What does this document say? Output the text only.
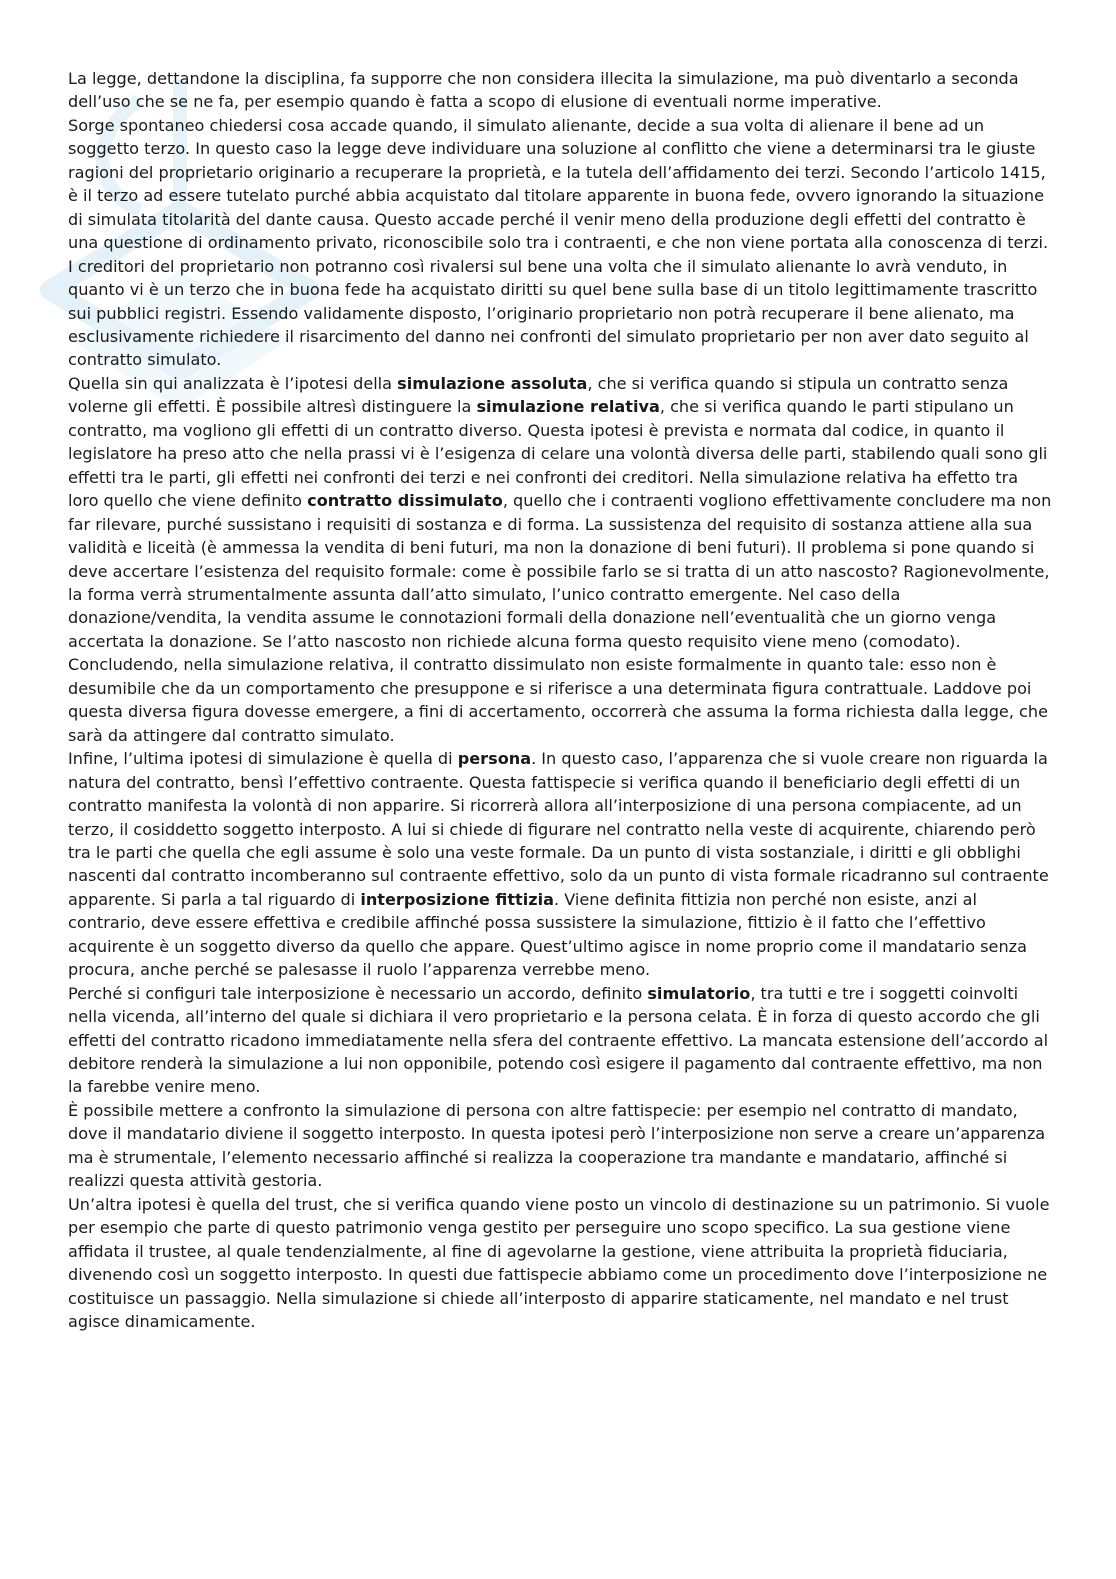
La legge, dettandone la disciplina, fa supporre che non considera illecita la simulazione, ma può diventarlo a seconda dell’uso che se ne fa, per esempio quando è fatta a scopo di elusione di eventuali norme imperative.

Sorge spontaneo chiedersi cosa accade quando, il simulato alienante, decide a sua volta di alienare il bene ad un soggetto terzo. In questo caso la legge deve individuare una soluzione al conflitto che viene a determinarsi tra le giuste ragioni del proprietario originario a recuperare la proprietà, e la tutela dell’affidamento dei terzi. Secondo l’articolo 1415, è il terzo ad essere tutelato purché abbia acquistato dal titolare apparente in buona fede, ovvero ignorando la situazione di simulata titolarità del dante causa. Questo accade perché il venir meno della produzione degli effetti del contratto è una questione di ordinamento privato, riconoscibile solo tra i contraenti, e che non viene portata alla conoscenza di terzi. I creditori del proprietario non potranno così rivalersi sul bene una volta che il simulato alienante lo avrà venduto, in quanto vi è un terzo che in buona fede ha acquistato diritti su quel bene sulla base di un titolo legittimamente trascritto sui pubblici registri. Essendo validamente disposto, l’originario proprietario non potrà recuperare il bene alienato, ma esclusivamente richiedere il risarcimento del danno nei confronti del simulato proprietario per non aver dato seguito al contratto simulato.

Quella sin qui analizzata è l’ipotesi della simulazione assoluta, che si verifica quando si stipula un contratto senza volerne gli effetti. È possibile altresì distinguere la simulazione relativa, che si verifica quando le parti stipulano un contratto, ma vogliono gli effetti di un contratto diverso. Questa ipotesi è prevista e normata dal codice, in quanto il legislatore ha preso atto che nella prassi vi è l’esigenza di celare una volontà diversa delle parti, stabilendo quali sono gli effetti tra le parti, gli effetti nei confronti dei terzi e nei confronti dei creditori. Nella simulazione relativa ha effetto tra loro quello che viene definito contratto dissimulato, quello che i contraenti vogliono effettivamente concludere ma non far rilevare, purché sussistano i requisiti di sostanza e di forma. La sussistenza del requisito di sostanza attiene alla sua validità e liceità (è ammessa la vendita di beni futuri, ma non la donazione di beni futuri). Il problema si pone quando si deve accertare l’esistenza del requisito formale: come è possibile farlo se si tratta di un atto nascosto? Ragionevolmente, la forma verrà strumentalmente assunta dall’atto simulato, l’unico contratto emergente. Nel caso della donazione/vendita, la vendita assume le connotazioni formali della donazione nell’eventualità che un giorno venga accertata la donazione. Se l’atto nascosto non richiede alcuna forma questo requisito viene meno (comodato).

Concludendo, nella simulazione relativa, il contratto dissimulato non esiste formalmente in quanto tale: esso non è desumibile che da un comportamento che presuppone e si riferisce a una determinata figura contrattuale. Laddove poi questa diversa figura dovesse emergere, a fini di accertamento, occorrerà che assuma la forma richiesta dalla legge, che sarà da attingere dal contratto simulato.

Infine, l’ultima ipotesi di simulazione è quella di persona. In questo caso, l’apparenza che si vuole creare non riguarda la natura del contratto, bensì l’effettivo contraente. Questa fattispecie si verifica quando il beneficiario degli effetti di un contratto manifesta la volontà di non apparire. Si ricorrerà allora all’interposizione di una persona compiacente, ad un terzo, il cosiddetto soggetto interposto. A lui si chiede di figurare nel contratto nella veste di acquirente, chiarendo però tra le parti che quella che egli assume è solo una veste formale. Da un punto di vista sostanziale, i diritti e gli obblighi nascenti dal contratto incomberanno sul contraente effettivo, solo da un punto di vista formale ricadranno sul contraente apparente. Si parla a tal riguardo di interposizione fittizia. Viene definita fittizia non perché non esiste, anzi al contrario, deve essere effettiva e credibile affinché possa sussistere la simulazione, fittizio è il fatto che l’effettivo acquirente è un soggetto diverso da quello che appare. Quest’ultimo agisce in nome proprio come il mandatario senza procura, anche perché se palesasse il ruolo l’apparenza verrebbe meno.

Perché si configuri tale interposizione è necessario un accordo, definito simulatorio, tra tutti e tre i soggetti coinvolti nella vicenda, all’interno del quale si dichiara il vero proprietario e la persona celata. È in forza di questo accordo che gli effetti del contratto ricadono immediatamente nella sfera del contraente effettivo. La mancata estensione dell’accordo al debitore renderà la simulazione a lui non opponibile, potendo così esigere il pagamento dal contraente effettivo, ma non la farebbe venire meno.

È possibile mettere a confronto la simulazione di persona con altre fattispecie: per esempio nel contratto di mandato, dove il mandatario diviene il soggetto interposto. In questa ipotesi però l’interposizione non serve a creare un’apparenza ma è strumentale, l’elemento necessario affinché si realizza la cooperazione tra mandante e mandatario, affinché si realizzi questa attività gestoria.

Un’altra ipotesi è quella del trust, che si verifica quando viene posto un vincolo di destinazione su un patrimonio. Si vuole per esempio che parte di questo patrimonio venga gestito per perseguire uno scopo specifico. La sua gestione viene affidata il trustee, al quale tendenzialmente, al fine di agevolarne la gestione, viene attribuita la proprietà fiduciaria, divenendo così un soggetto interposto. In questi due fattispecie abbiamo come un procedimento dove l’interposizione ne costituisce un passaggio. Nella simulazione si chiede all’interposto di apparire staticamente, nel mandato e nel trust agisce dinamicamente.
